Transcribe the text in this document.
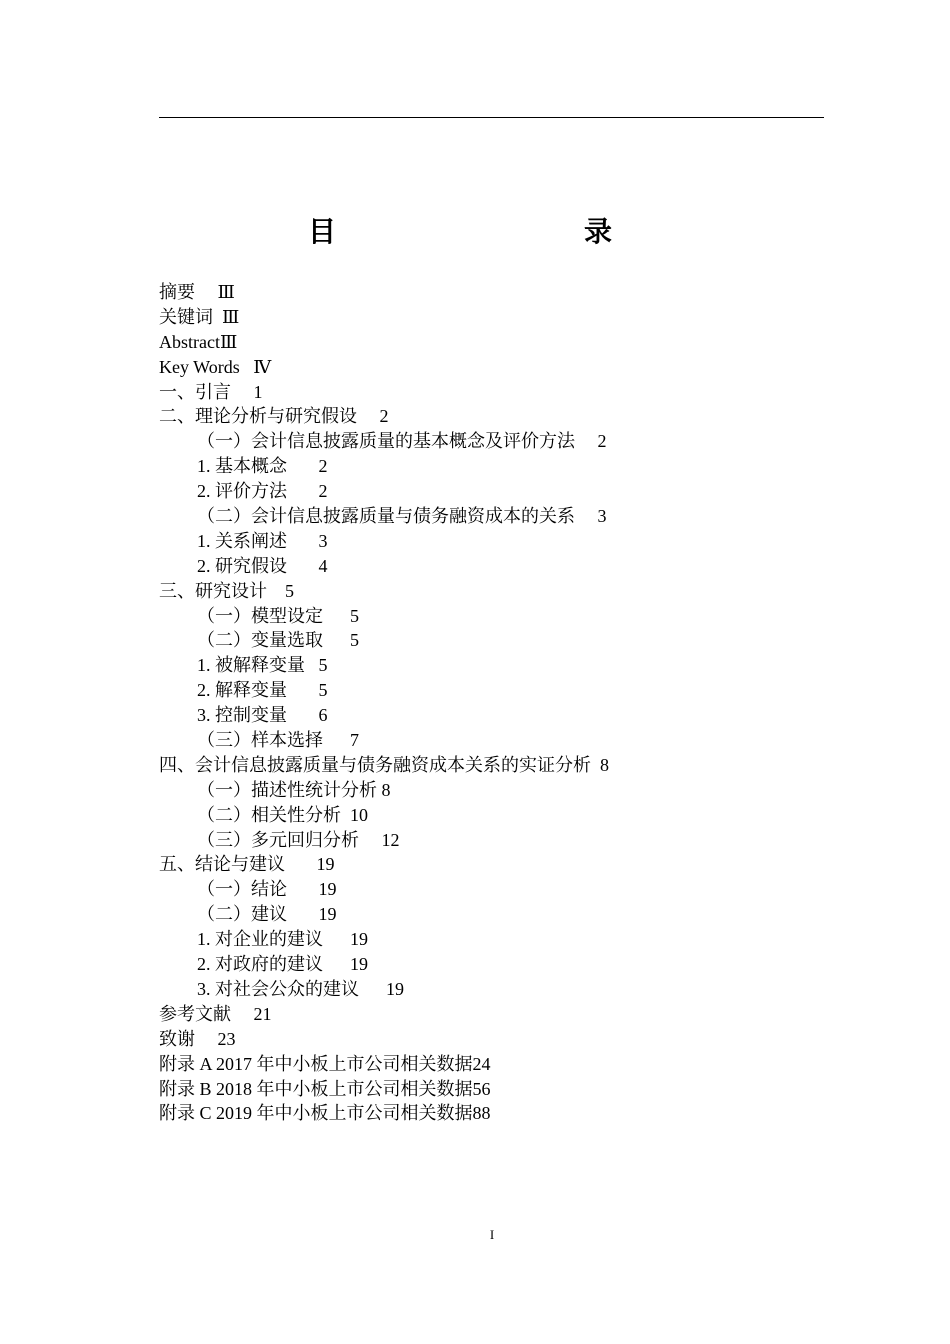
目　　录
摘要 Ⅲ
关键词 Ⅲ
AbstractⅢ
Key Words Ⅳ
一、引言 1
二、理论分析与研究假设 2
（一）会计信息披露质量的基本概念及评价方法 2
1. 基本概念 2
2. 评价方法 2
（二）会计信息披露质量与债务融资成本的关系 3
1. 关系阐述 3
2. 研究假设 4
三、研究设计 5
（一）模型设定 5
（二）变量选取 5
1. 被解释变量 5
2. 解释变量 5
3. 控制变量 6
（三）样本选择 7
四、会计信息披露质量与债务融资成本关系的实证分析 8
（一）描述性统计分析 8
（二）相关性分析 10
（三）多元回归分析 12
五、结论与建议 19
（一）结论 19
（二）建议 19
1. 对企业的建议 19
2. 对政府的建议 19
3. 对社会公众的建议 19
参考文献 21
致谢 23
附录 A 2017 年中小板上市公司相关数据24
附录 B 2018 年中小板上市公司相关数据56
附录 C 2019 年中小板上市公司相关数据88
I
